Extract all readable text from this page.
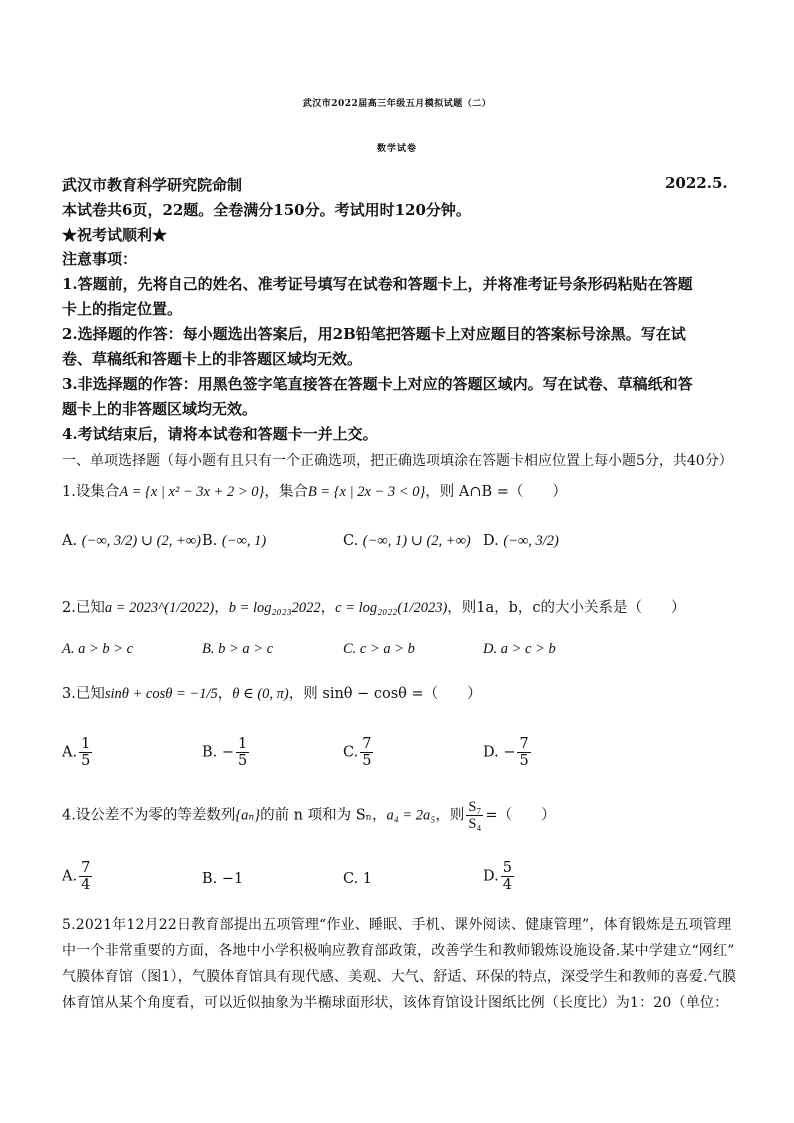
武汉市2022届高三年级五月模拟试题（二）
数学试卷
武汉市教育科学研究院命制	2022.5.
本试卷共6页，22题。全卷满分150分。考试用时120分钟。
★祝考试顺利★
注意事项：
1.答题前，先将自己的姓名、准考证号填写在试卷和答题卡上，并将准考证号条形码粘贴在答题
卡上的指定位置。
2.选择题的作答：每小题选出答案后，用2B铅笔把答题卡上对应题目的答案标号涂黑。写在试
卷、草稿纸和答题卡上的非答题区域均无效。
3.非选择题的作答：用黑色签字笔直接答在答题卡上对应的答题区域内。写在试卷、草稿纸和答
题卡上的非答题区域均无效。
4.考试结束后，请将本试卷和答题卡一并上交。
一、单项选择题（每小题有且只有一个正确选项，把正确选项填涂在答题卡相应位置上每小题5分，共40分）
1.设集合A = {x | x² − 3x + 2 > 0}，集合B = {x | 2x − 3 < 0}，则 A∩B =（　　）
A. (−∞, 3/2) ∪ (2, +∞) B. (−∞, 1)	C. (−∞, 1) ∪ (2, +∞) D. (−∞, 3/2)
2.已知a = 2023^(1/2022)，b = log₂₀₂₃2022，c = log₂₀₂₂(1/2023)，则1a，b，c的大小关系是（　　）
A. a > b > c	B. b > a > c	C. c > a > b	D. a > c > b
3.已知sinθ + cosθ = −1/5，θ ∈ (0, π)，则 sinθ − cosθ =（　　）
A. $\frac{1}{5}$	B. − $\frac{1}{5}$	C. $\frac{7}{5}$	D. − $\frac{7}{5}$
4.设公差不为零的等差数列{aₙ}的前 n 项和为 Sₙ，a₄ = 2a₅，则 $\frac{\text{S₇}}{\text{S₄}}$ =（　　）
A. $\frac{7}{4}$	B. −1	C. 1	D. $\frac{5}{4}$
5.2021年12月22日教育部提出五项管理“作业、睡眠、手机、课外阅读、健康管理”，体育锻炼是五项管理
中一个非常重要的方面，各地中小学积极响应教育部政策，改善学生和教师锻炼设施设备.某中学建立“网红”
气膜体育馆（图1），气膜体育馆具有现代感、美观、大气、舒适、环保的特点，深受学生和教师的喜爱.气膜
体育馆从某个角度看，可以近似抽象为半椭球面形状，该体育馆设计图纸比例（长度比）为1：20（单位：
